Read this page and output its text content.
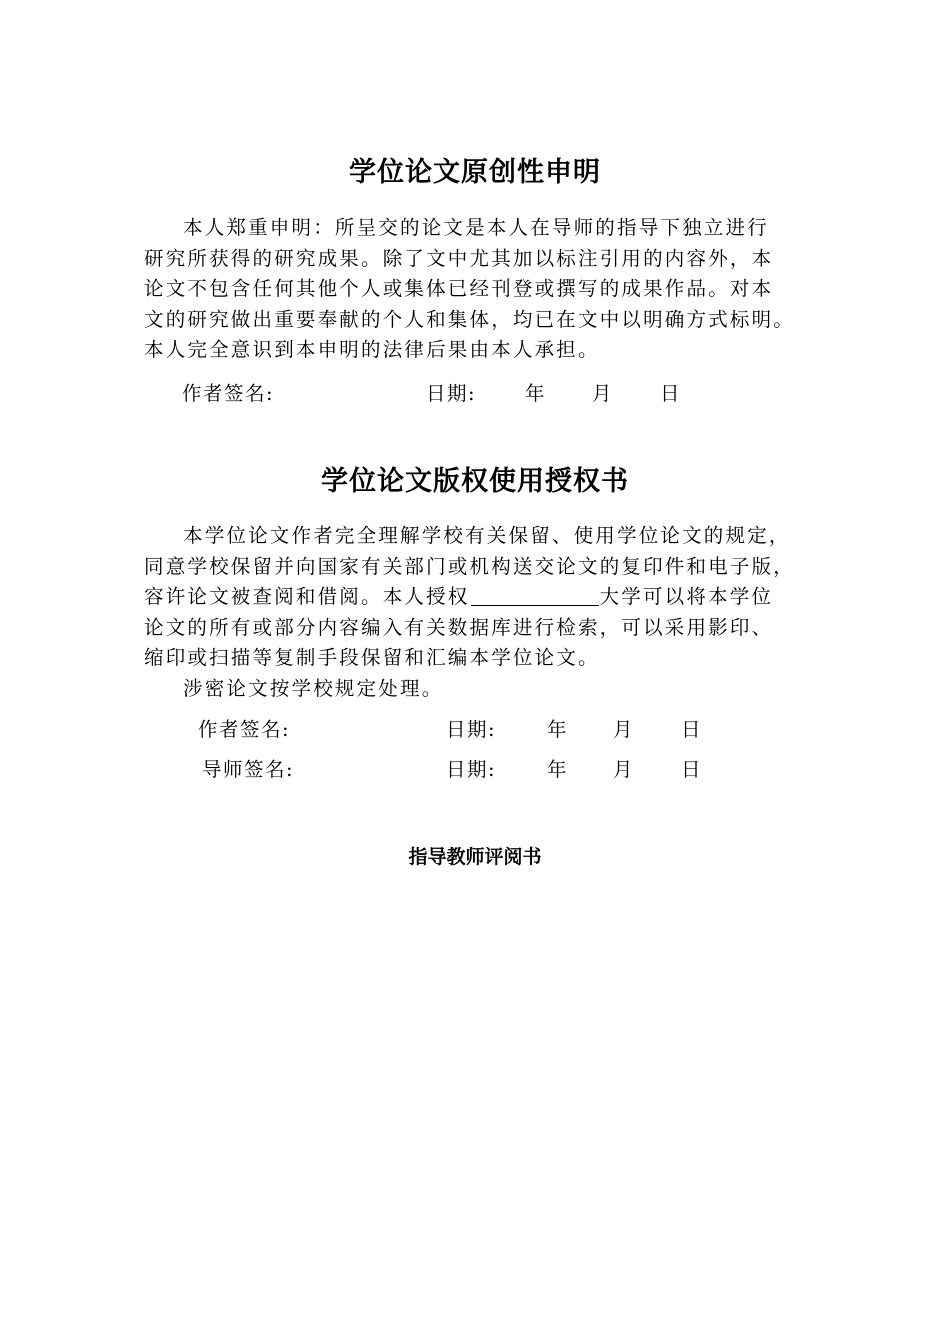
学位论文原创性申明

本人郑重申明：所呈交的论文是本人在导师的指导下独立进行

研究所获得的研究成果。除了文中尤其加以标注引用的内容外，本

论文不包含任何其他个人或集体已经刊登或撰写的成果作品。对本

文的研究做出重要奉献的个人和集体，均已在文中以明确方式标明。

本人完全意识到本申明的法律后果由本人承担。

作者签名:	日期:	年 月 日
学位论文版权使用授权书

本学位论文作者完全理解学校有关保留、使用学位论文的规定，

同意学校保留并向国家有关部门或机构送交论文的复印件和电子版，

容许论文被查阅和借阅。本人授权	大学可以将本学位

论文的所有或部分内容编入有关数据库进行检索，可以采用影印、

缩印或扫描等复制手段保留和汇编本学位论文。

涉密论文按学校规定处理。

作者签名:	日期:	年 月 日
导师签名:	日期:	年 月 日
指导教师评阅书
